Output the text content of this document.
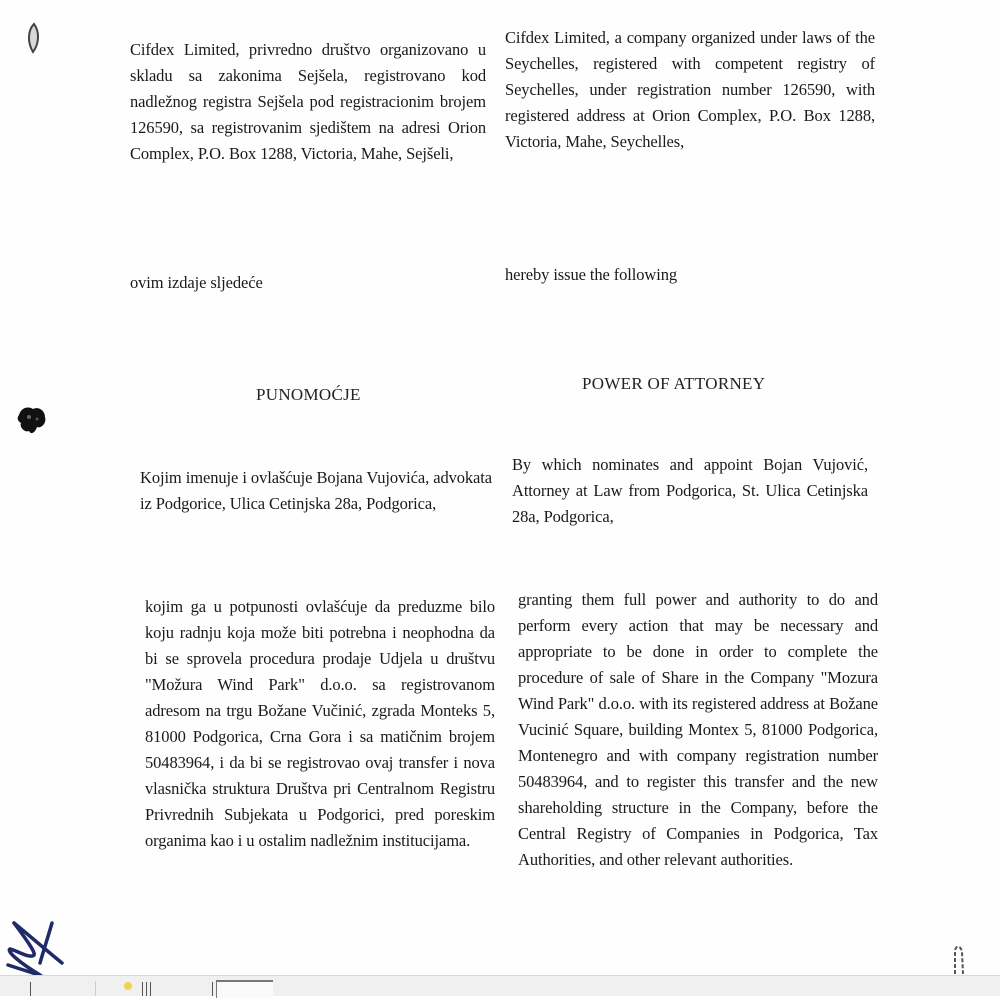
Cifdex Limited, privredno društvo organizovano u skladu sa zakonima Sejšela, registrovano kod nadležnog registra Sejšela pod registracionim brojem 126590, sa registrovanim sjedištem na adresi Orion Complex, P.O. Box 1288, Victoria, Mahe, Sejšeli,

ovim izdaje sljedeće

PUNOMOĆJE

Kojim imenuje i ovlašćuje Bojana Vujovića, advokata iz Podgorice, Ulica Cetinjska 28a, Podgorica,

kojim ga u potpunosti ovlašćuje da preduzme bilo koju radnju koja može biti potrebna i neophodna da bi se sprovela procedura prodaje Udjela u društvu "Možura Wind Park" d.o.o. sa registrovanom adresom na trgu Božane Vučinić, zgrada Monteks 5, 81000 Podgorica, Crna Gora i sa matičnim brojem 50483964, i da bi se registrovao ovaj transfer i nova vlasnička struktura Društva pri Centralnom Registru Privrednih Subjekata u Podgorici, pred poreskim organima kao i u ostalim nadležnim institucijama.

Cifdex Limited, a company organized under laws of the Seychelles, registered with competent registry of Seychelles, under registration number 126590, with registered address at Orion Complex, P.O. Box 1288, Victoria, Mahe, Seychelles,

hereby issue the following

POWER OF ATTORNEY

By which nominates and appoint Bojan Vujović, Attorney at Law from Podgorica, St. Ulica Cetinjska 28a, Podgorica,

granting them full power and authority to do and perform every action that may be necessary and appropriate to be done in order to complete the procedure of sale of Share in the Company "Mozura Wind Park" d.o.o. with its registered address at Božane Vucinić Square, building Montex 5, 81000 Podgorica, Montenegro and with company registration number 50483964, and to register this transfer and the new shareholding structure in the Company, before the Central Registry of Companies in Podgorica, Tax Authorities, and other relevant authorities.
